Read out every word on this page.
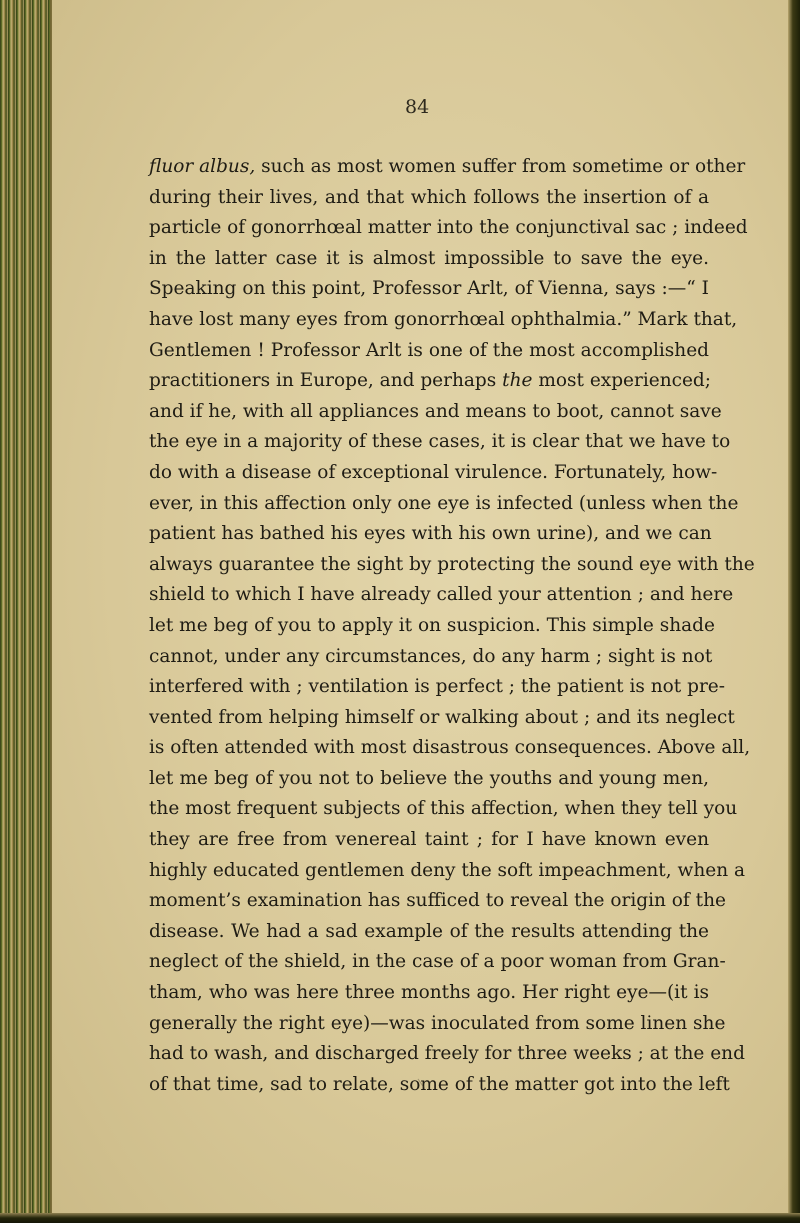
84
fluor albus, such as most women suffer from sometime or other
during their lives, and that which follows the insertion of a
particle of gonorrhœal matter into the conjunctival sac ; indeed
in the latter case it is almost impossible to save the eye.
Speaking on this point, Professor Arlt, of Vienna, says :—“ I
have lost many eyes from gonorrhœal ophthalmia.” Mark that,
Gentlemen ! Professor Arlt is one of the most accomplished
practitioners in Europe, and perhaps the most experienced;
and if he, with all appliances and means to boot, cannot save
the eye in a majority of these cases, it is clear that we have to
do with a disease of exceptional virulence. Fortunately, how-
ever, in this affection only one eye is infected (unless when the
patient has bathed his eyes with his own urine), and we can
always guarantee the sight by protecting the sound eye with the
shield to which I have already called your attention ; and here
let me beg of you to apply it on suspicion. This simple shade
cannot, under any circumstances, do any harm ; sight is not
interfered with ; ventilation is perfect ; the patient is not pre-
vented from helping himself or walking about ; and its neglect
is often attended with most disastrous consequences. Above all,
let me beg of you not to believe the youths and young men,
the most frequent subjects of this affection, when they tell you
they are free from venereal taint ; for I have known even
highly educated gentlemen deny the soft impeachment, when a
moment’s examination has sufficed to reveal the origin of the
disease. We had a sad example of the results attending the
neglect of the shield, in the case of a poor woman from Gran-
tham, who was here three months ago. Her right eye—(it is
generally the right eye)—was inoculated from some linen she
had to wash, and discharged freely for three weeks ; at the end
of that time, sad to relate, some of the matter got into the left
